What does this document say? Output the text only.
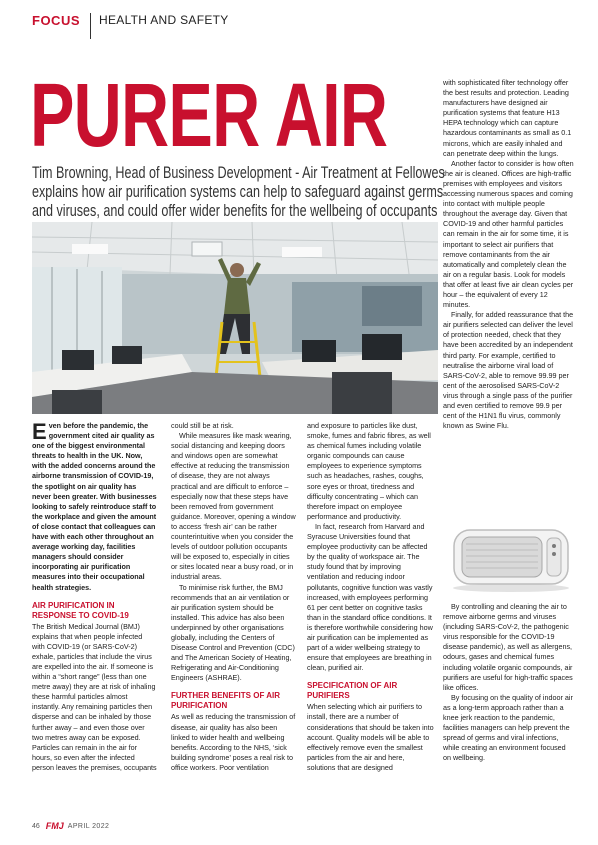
FOCUS HEALTH AND SAFETY
PURER AIR
Tim Browning, Head of Business Development - Air Treatment at Fellowes
explains how air purification systems can help to safeguard against germs
and viruses, and could offer wider benefits for the wellbeing of occupants

Even before the pandemic, the government cited air quality as one of the biggest environmental threats to health in the UK. Now, with the added concerns around the airborne transmission of COVID-19, the spotlight on air quality has never been greater. With businesses looking to safely reintroduce staff to the workplace and given the amount of close contact that colleagues can have with each other throughout an average working day, facilities managers should consider incorporating air purification measures into their occupational health strategies.

AIR PURIFICATION IN RESPONSE TO COVID-19

The British Medical Journal (BMJ) explains that when people infected with COVID-19 (or SARS-CoV-2) exhale, particles that include the virus are expelled into the air. If someone is within a “short range” (less than one metre away) they are at risk of inhaling these harmful particles almost instantly. Any remaining particles then disperse and can be inhaled by those further away – and even those over two metres away can be exposed. Particles can remain in the air for hours, so even after the infected person leaves the premises, occupants

could still be at risk.

While measures like mask wearing, social distancing and keeping doors and windows open are somewhat effective at reducing the transmission of disease, they are not always practical and are difficult to enforce – especially now that these steps have been removed from government guidance. Moreover, opening a window to access ‘fresh air’ can be rather counterintuitive when you consider the levels of outdoor pollution occupants will be exposed to, especially in cities or sites located near a busy road, or in industrial areas.

To minimise risk further, the BMJ recommends that an air ventilation or air purification system should be installed. This advice has also been underpinned by other organisations globally, including the Centers of Disease Control and Prevention (CDC) and The American Society of Heating, Refrigerating and Air-Conditioning Engineers (ASHRAE).

FURTHER BENEFITS OF AIR PURIFICATION

As well as reducing the transmission of disease, air quality has also been linked to wider health and wellbeing benefits. According to the NHS, ‘sick building syndrome’ poses a real risk to office workers. Poor ventilation

and exposure to particles like dust, smoke, fumes and fabric fibres, as well as chemical fumes including volatile organic compounds can cause employees to experience symptoms such as headaches, rashes, coughs, sore eyes or throat, tiredness and difficulty concentrating – which can therefore impact on employee performance and productivity.

In fact, research from Harvard and Syracuse Universities found that employee productivity can be affected by the quality of workspace air. The study found that by improving ventilation and reducing indoor pollutants, cognitive function was vastly increased, with employees performing 61 per cent better on cognitive tasks than in the standard office conditions. It is therefore worthwhile considering how air purification can be implemented as part of a wider wellbeing strategy to ensure that employees are breathing in clean, purified air.

SPECIFICATION OF AIR PURIFIERS

When selecting which air purifiers to install, there are a number of considerations that should be taken into account. Quality models will be able to effectively remove even the smallest particles from the air and here, solutions that are designed

with sophisticated filter technology offer the best results and protection. Leading manufacturers have designed air purification systems that feature H13 HEPA technology which can capture hazardous contaminants as small as 0.1 microns, which are easily inhaled and can penetrate deep within the lungs.

Another factor to consider is how often the air is cleaned. Offices are high-traffic premises with employees and visitors accessing numerous spaces and coming into contact with multiple people throughout the average day. Given that COVID-19 and other harmful particles can remain in the air for some time, it is important to select air purifiers that remove contaminants from the air automatically and completely clean the air on a regular basis. Look for models that offer at least five air clean cycles per hour – the equivalent of every 12 minutes.

Finally, for added reassurance that the air purifiers selected can deliver the level of protection needed, check that they have been accredited by an independent third party. For example, certified to neutralise the airborne viral load of SARS-CoV-2, able to remove 99.99 per cent of the aerosolised SARS-CoV-2 virus through a single pass of the purifier and even certified to remove 99.9 per cent of the H1N1 flu virus, commonly known as Swine Flu.

By controlling and cleaning the air to remove airborne germs and viruses (including SARS-CoV-2, the pathogenic virus responsible for the COVID-19 disease pandemic), as well as allergens, odours, gases and chemical fumes including volatile organic compounds, air purifiers are useful for high-traffic spaces like offices.

By focusing on the quality of indoor air as a long-term approach rather than a knee jerk reaction to the pandemic, facilities managers can help prevent the spread of germs and viral infections, while creating an environment focused on wellbeing.

46 FMJ APRIL 2022
